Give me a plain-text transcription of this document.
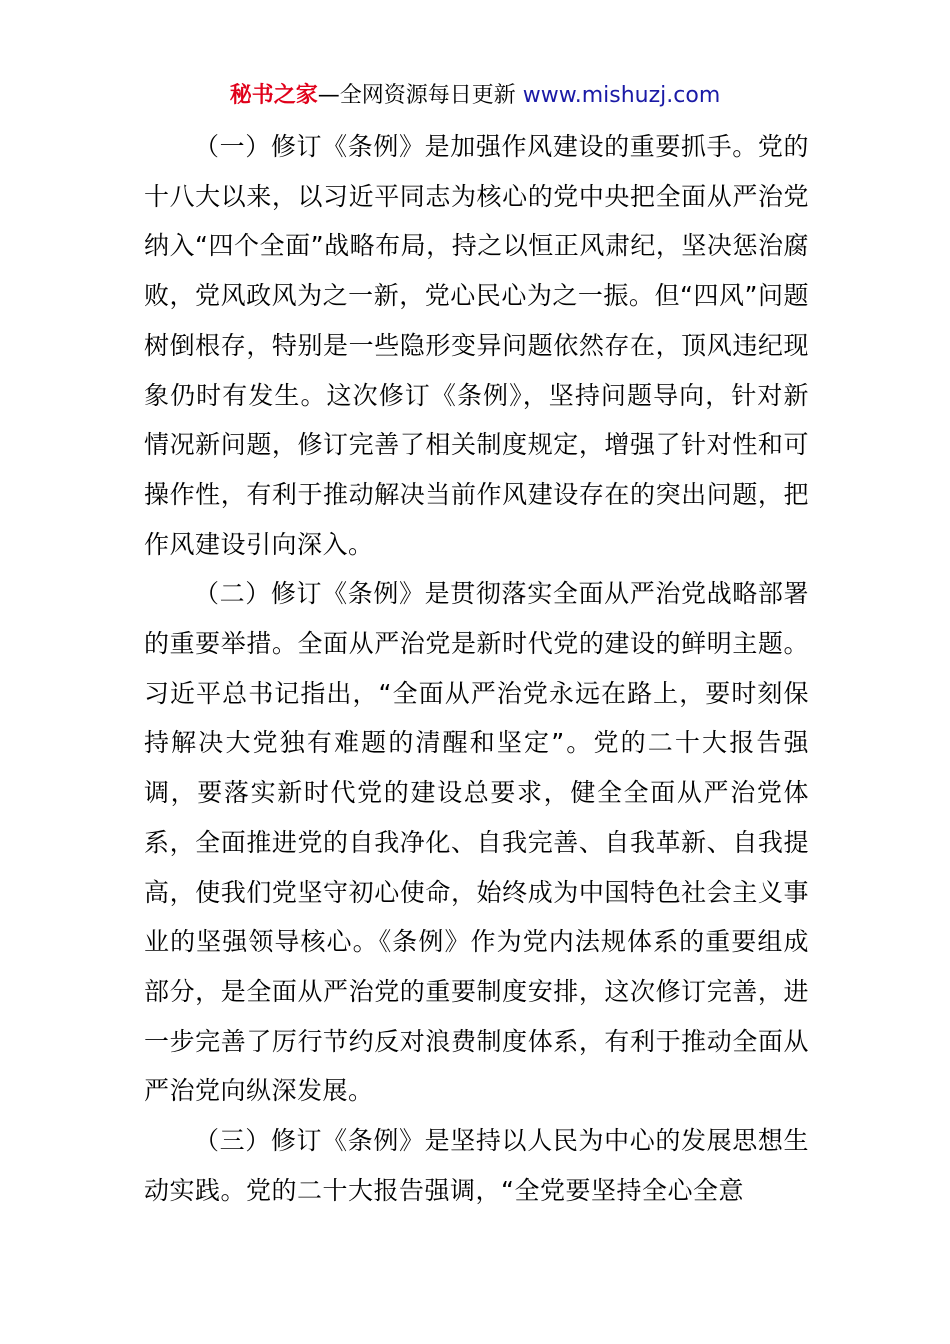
秘书之家—全网资源每日更新 www.mishuzj.com

（一）修订《条例》是加强作风建设的重要抓手。党的十八大以来，以习近平同志为核心的党中央把全面从严治党纳入“四个全面”战略布局，持之以恒正风肃纪，坚决惩治腐败，党风政风为之一新，党心民心为之一振。但“四风”问题树倒根存，特别是一些隐形变异问题依然存在，顶风违纪现象仍时有发生。这次修订《条例》，坚持问题导向，针对新情况新问题，修订完善了相关制度规定，增强了针对性和可操作性，有利于推动解决当前作风建设存在的突出问题，把作风建设引向深入。

（二）修订《条例》是贯彻落实全面从严治党战略部署的重要举措。全面从严治党是新时代党的建设的鲜明主题。习近平总书记指出，“全面从严治党永远在路上，要时刻保持解决大党独有难题的清醒和坚定”。党的二十大报告强调，要落实新时代党的建设总要求，健全全面从严治党体系，全面推进党的自我净化、自我完善、自我革新、自我提高，使我们党坚守初心使命，始终成为中国特色社会主义事业的坚强领导核心。《条例》作为党内法规体系的重要组成部分，是全面从严治党的重要制度安排，这次修订完善，进一步完善了厉行节约反对浪费制度体系，有利于推动全面从严治党向纵深发展。

（三）修订《条例》是坚持以人民为中心的发展思想生动实践。党的二十大报告强调，“全党要坚持全心全意
